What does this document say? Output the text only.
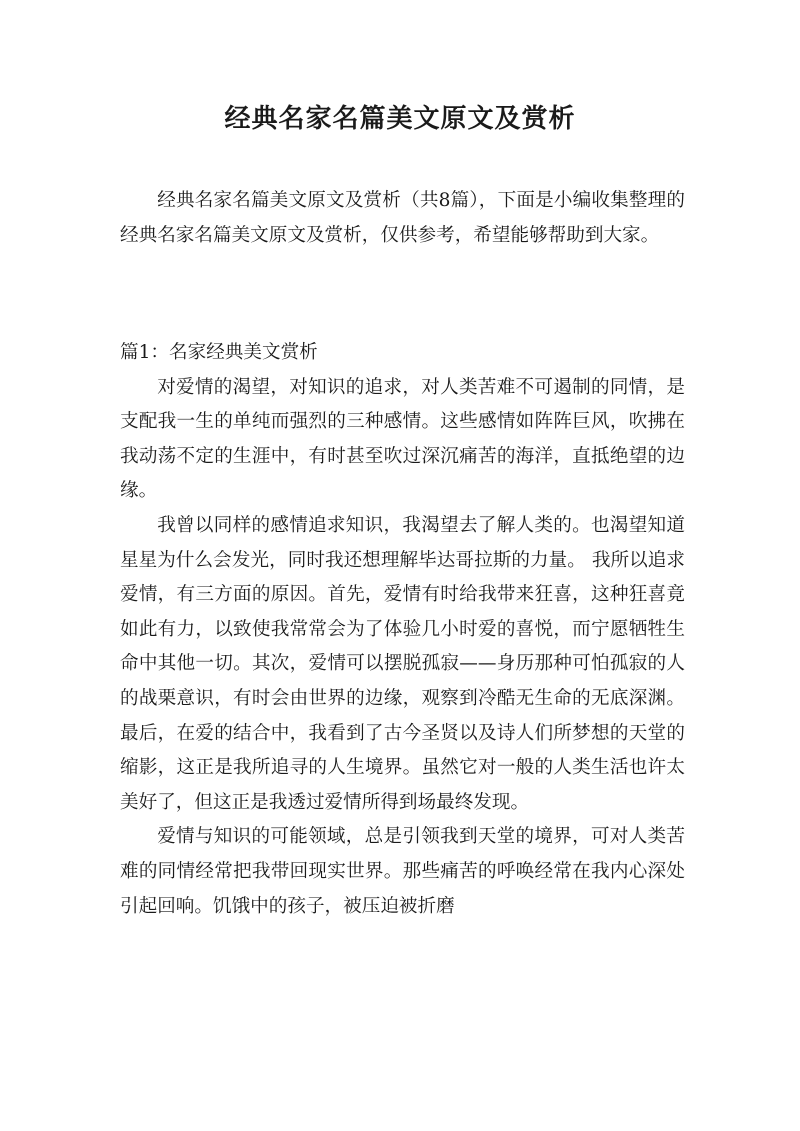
经典名家名篇美文原文及赏析

经典名家名篇美文原文及赏析（共8篇），下面是小编收集整理的经典名家名篇美文原文及赏析，仅供参考，希望能够帮助到大家。

篇1：名家经典美文赏析

对爱情的渴望，对知识的追求，对人类苦难不可遏制的同情，是支配我一生的单纯而强烈的三种感情。这些感情如阵阵巨风，吹拂在我动荡不定的生涯中，有时甚至吹过深沉痛苦的海洋，直抵绝望的边缘。

我曾以同样的感情追求知识，我渴望去了解人类的。也渴望知道星星为什么会发光，同时我还想理解毕达哥拉斯的力量。 我所以追求爱情，有三方面的原因。首先，爱情有时给我带来狂喜，这种狂喜竟如此有力，以致使我常常会为了体验几小时爱的喜悦，而宁愿牺牲生命中其他一切。其次，爱情可以摆脱孤寂——身历那种可怕孤寂的人的战栗意识，有时会由世界的边缘，观察到冷酷无生命的无底深渊。最后，在爱的结合中，我看到了古今圣贤以及诗人们所梦想的天堂的缩影，这正是我所追寻的人生境界。虽然它对一般的人类生活也许太美好了，但这正是我透过爱情所得到场最终发现。

爱情与知识的可能领域，总是引领我到天堂的境界，可对人类苦难的同情经常把我带回现实世界。那些痛苦的呼唤经常在我内心深处引起回响。饥饿中的孩子，被压迫被折磨
